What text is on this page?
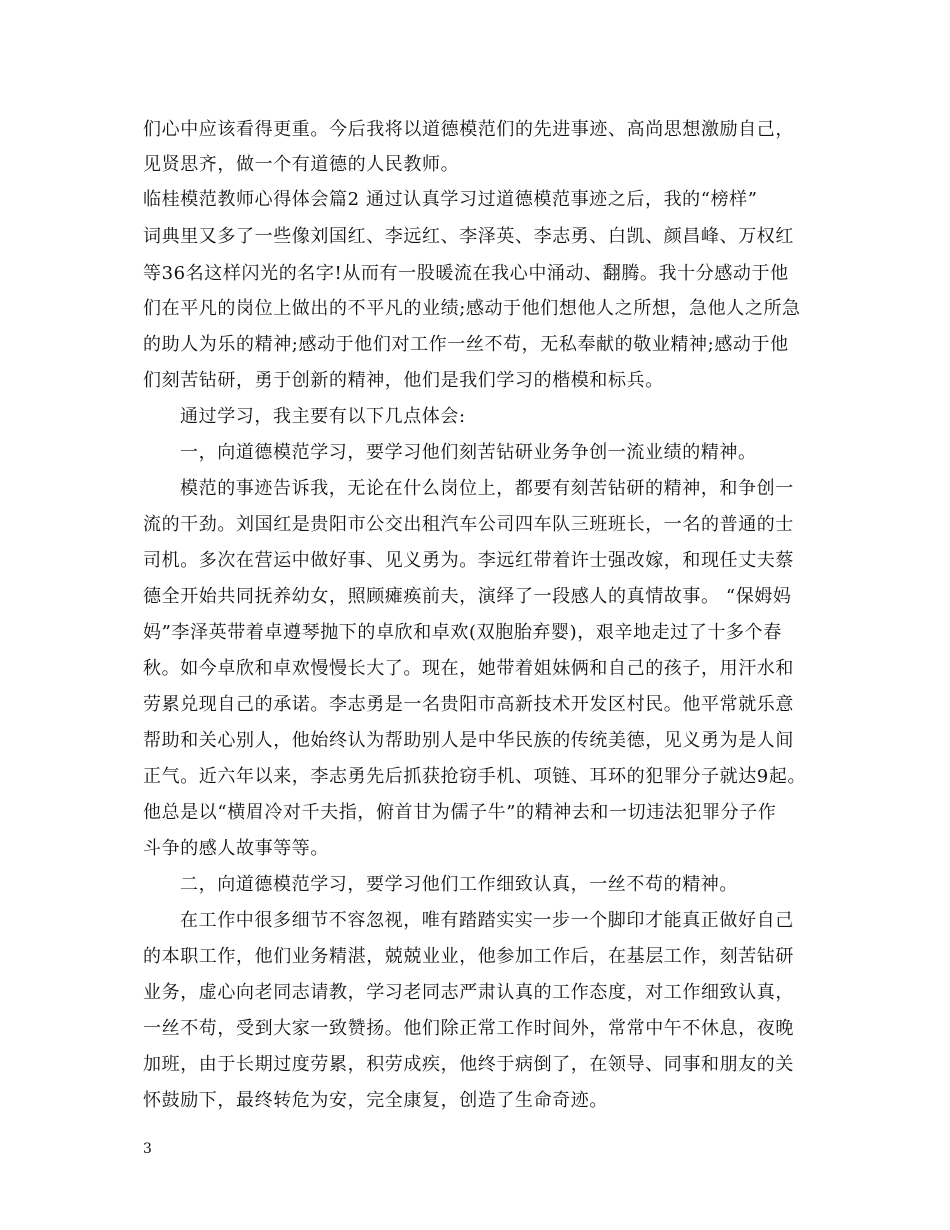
们心中应该看得更重。今后我将以道德模范们的先进事迹、高尚思想激励自己，
见贤思齐，做一个有道德的人民教师。
临桂模范教师心得体会篇2 通过认真学习过道德模范事迹之后，我的“榜样”
词典里又多了一些像刘国红、李远红、李泽英、李志勇、白凯、颜昌峰、万权红
等36名这样闪光的名字!从而有一股暖流在我心中涌动、翻腾。我十分感动于他
们在平凡的岗位上做出的不平凡的业绩;感动于他们想他人之所想，急他人之所急
的助人为乐的精神;感动于他们对工作一丝不苟，无私奉献的敬业精神;感动于他
们刻苦钻研，勇于创新的精神，他们是我们学习的楷模和标兵。
通过学习，我主要有以下几点体会:
一，向道德模范学习，要学习他们刻苦钻研业务争创一流业绩的精神。
模范的事迹告诉我，无论在什么岗位上，都要有刻苦钻研的精神，和争创一
流的干劲。刘国红是贵阳市公交出租汽车公司四车队三班班长，一名的普通的士
司机。多次在营运中做好事、见义勇为。李远红带着许士强改嫁，和现任丈夫蔡
德全开始共同抚养幼女，照顾瘫痪前夫，演绎了一段感人的真情故事。 “保姆妈
妈”李泽英带着卓遵琴抛下的卓欣和卓欢(双胞胎弃婴)，艰辛地走过了十多个春
秋。如今卓欣和卓欢慢慢长大了。现在，她带着姐妹俩和自己的孩子，用汗水和
劳累兑现自己的承诺。李志勇是一名贵阳市高新技术开发区村民。他平常就乐意
帮助和关心别人，他始终认为帮助别人是中华民族的传统美德，见义勇为是人间
正气。近六年以来，李志勇先后抓获抢窃手机、项链、耳环的犯罪分子就达9起。
他总是以“横眉冷对千夫指，俯首甘为儒子牛”的精神去和一切违法犯罪分子作
斗争的感人故事等等。
二，向道德模范学习，要学习他们工作细致认真，一丝不苟的精神。
在工作中很多细节不容忽视，唯有踏踏实实一步一个脚印才能真正做好自己
的本职工作，他们业务精湛，兢兢业业，他参加工作后，在基层工作，刻苦钻研
业务，虚心向老同志请教，学习老同志严肃认真的工作态度，对工作细致认真，
一丝不苟，受到大家一致赞扬。他们除正常工作时间外，常常中午不休息，夜晚
加班，由于长期过度劳累，积劳成疾，他终于病倒了，在领导、同事和朋友的关
怀鼓励下，最终转危为安，完全康复，创造了生命奇迹。
3
